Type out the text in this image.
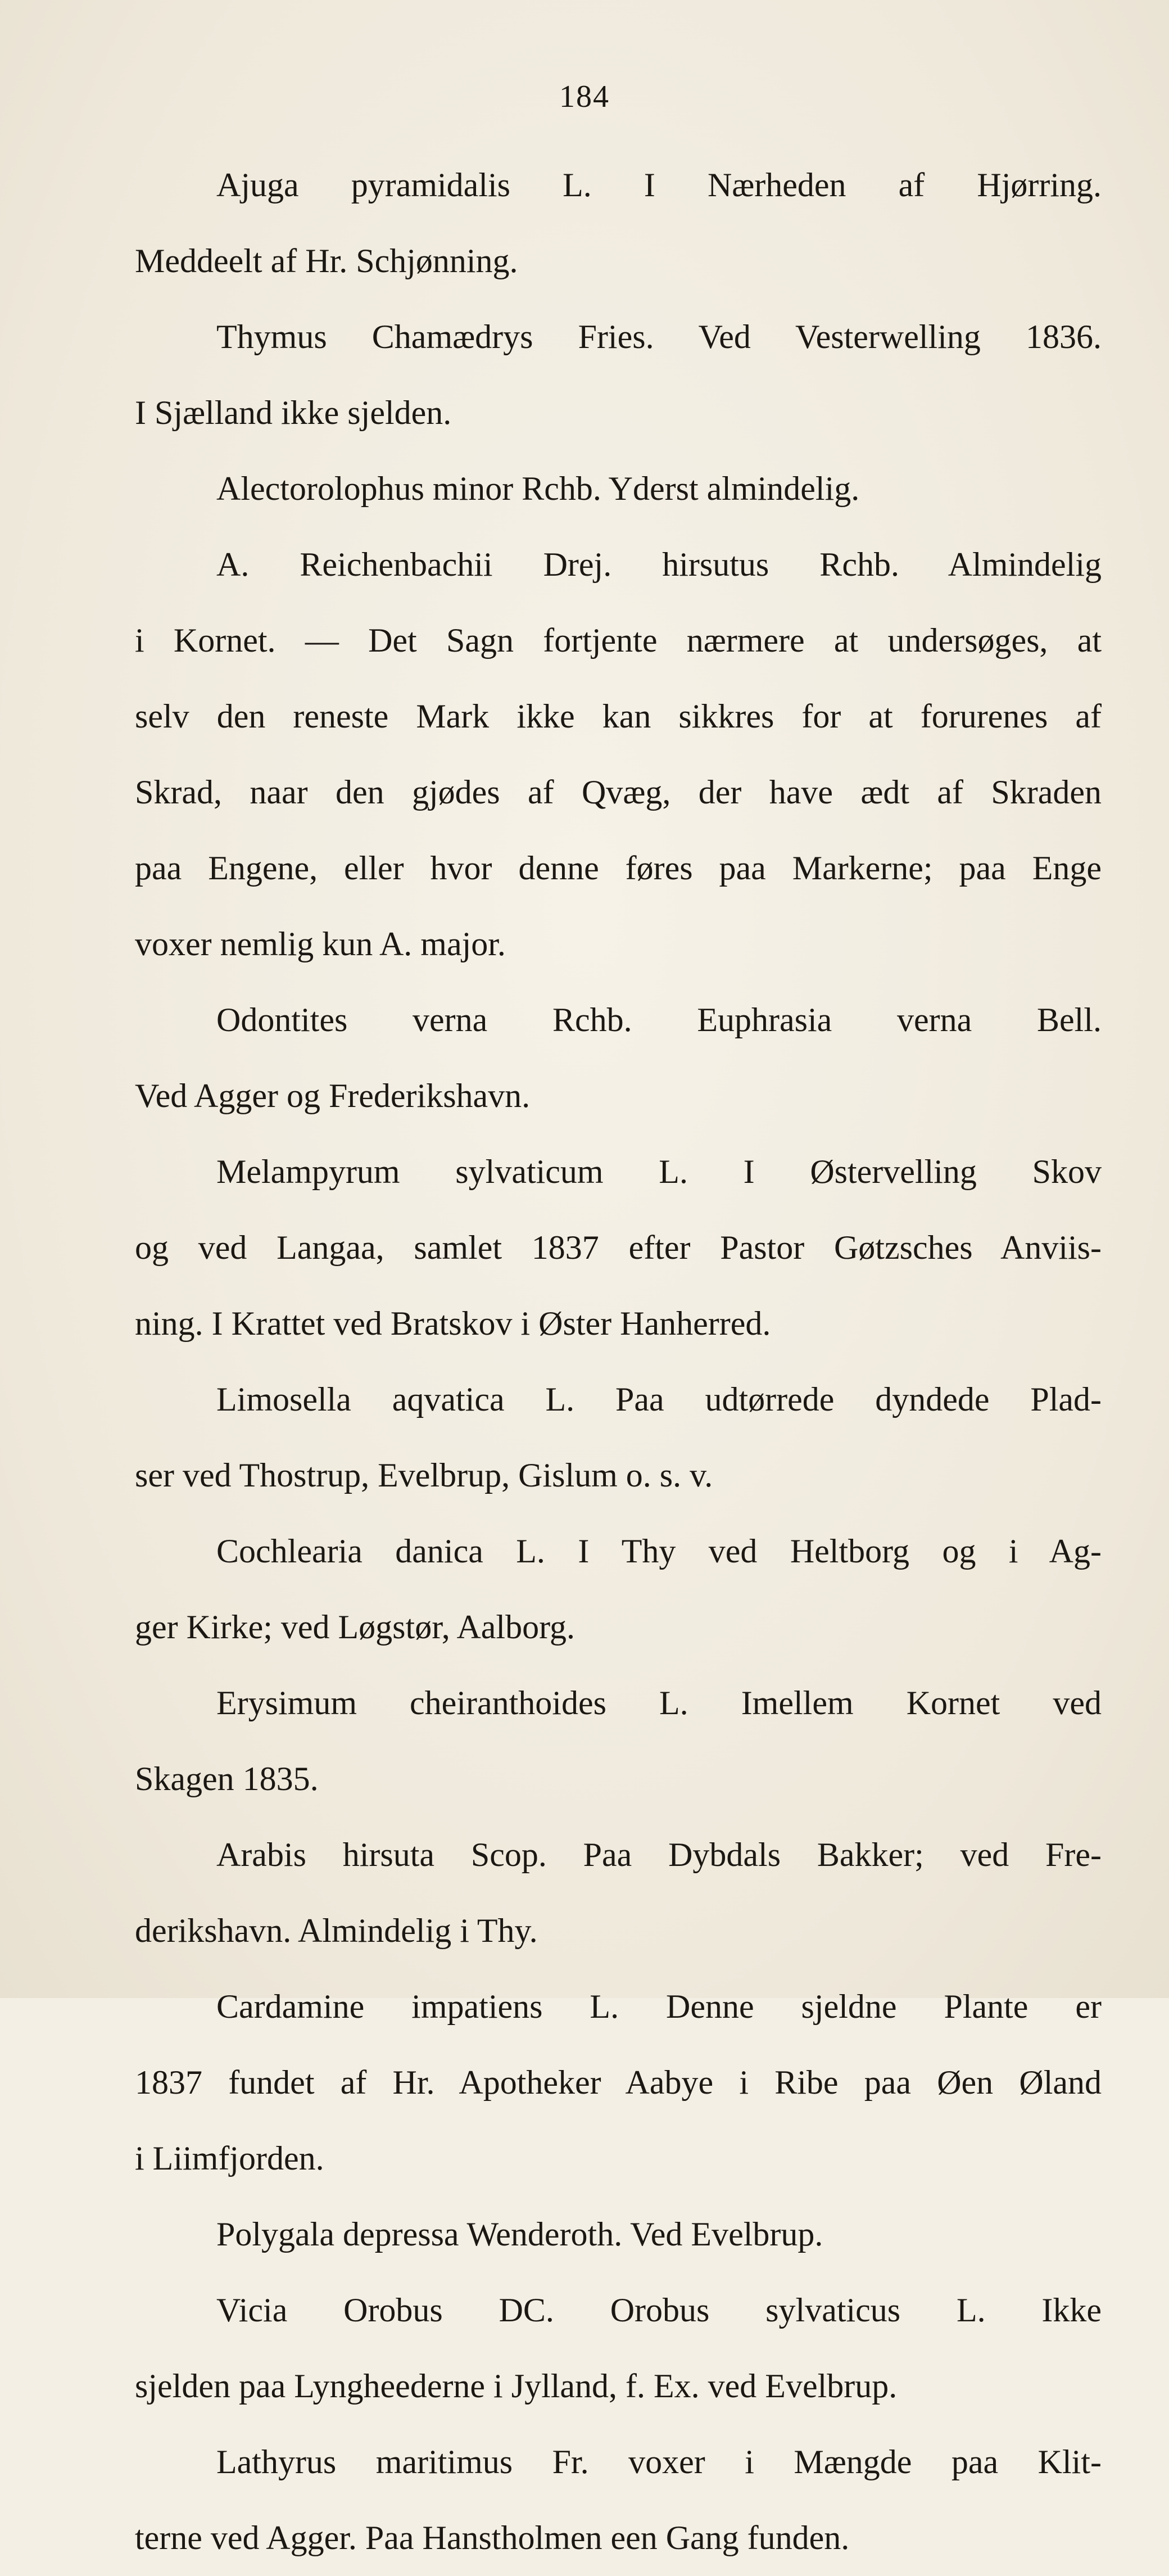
184
Ajuga pyramidalis L. I Nærheden af Hjørring.
Meddeelt af Hr. Schjønning.
Thymus Chamædrys Fries. Ved Vesterwelling 1836.
I Sjælland ikke sjelden.
Alectorolophus minor Rchb. Yderst almindelig.
A. Reichenbachii Drej. hirsutus Rchb. Almindelig
i Kornet. — Det Sagn fortjente nærmere at undersøges, at
selv den reneste Mark ikke kan sikkres for at forurenes af
Skrad, naar den gjødes af Qvæg, der have ædt af Skraden
paa Engene, eller hvor denne føres paa Markerne; paa Enge
voxer nemlig kun A. major.
Odontites verna Rchb. Euphrasia verna Bell.
Ved Agger og Frederikshavn.
Melampyrum sylvaticum L. I Østervelling Skov
og ved Langaa, samlet 1837 efter Pastor Gøtzsches Anviis-
ning. I Krattet ved Bratskov i Øster Hanherred.
Limosella aqvatica L. Paa udtørrede dyndede Plad-
ser ved Thostrup, Evelbrup, Gislum o. s. v.
Cochlearia danica L. I Thy ved Heltborg og i Ag-
ger Kirke; ved Løgstør, Aalborg.
Erysimum cheiranthoides L. Imellem Kornet ved
Skagen 1835.
Arabis hirsuta Scop. Paa Dybdals Bakker; ved Fre-
derikshavn. Almindelig i Thy.
Cardamine impatiens L. Denne sjeldne Plante er
1837 fundet af Hr. Apotheker Aabye i Ribe paa Øen Øland
i Liimfjorden.
Polygala depressa Wenderoth. Ved Evelbrup.
Vicia Orobus DC. Orobus sylvaticus L. Ikke
sjelden paa Lyngheederne i Jylland, f. Ex. ved Evelbrup.
Lathyrus maritimus Fr. voxer i Mængde paa Klit-
terne ved Agger. Paa Hanstholmen een Gang funden.
